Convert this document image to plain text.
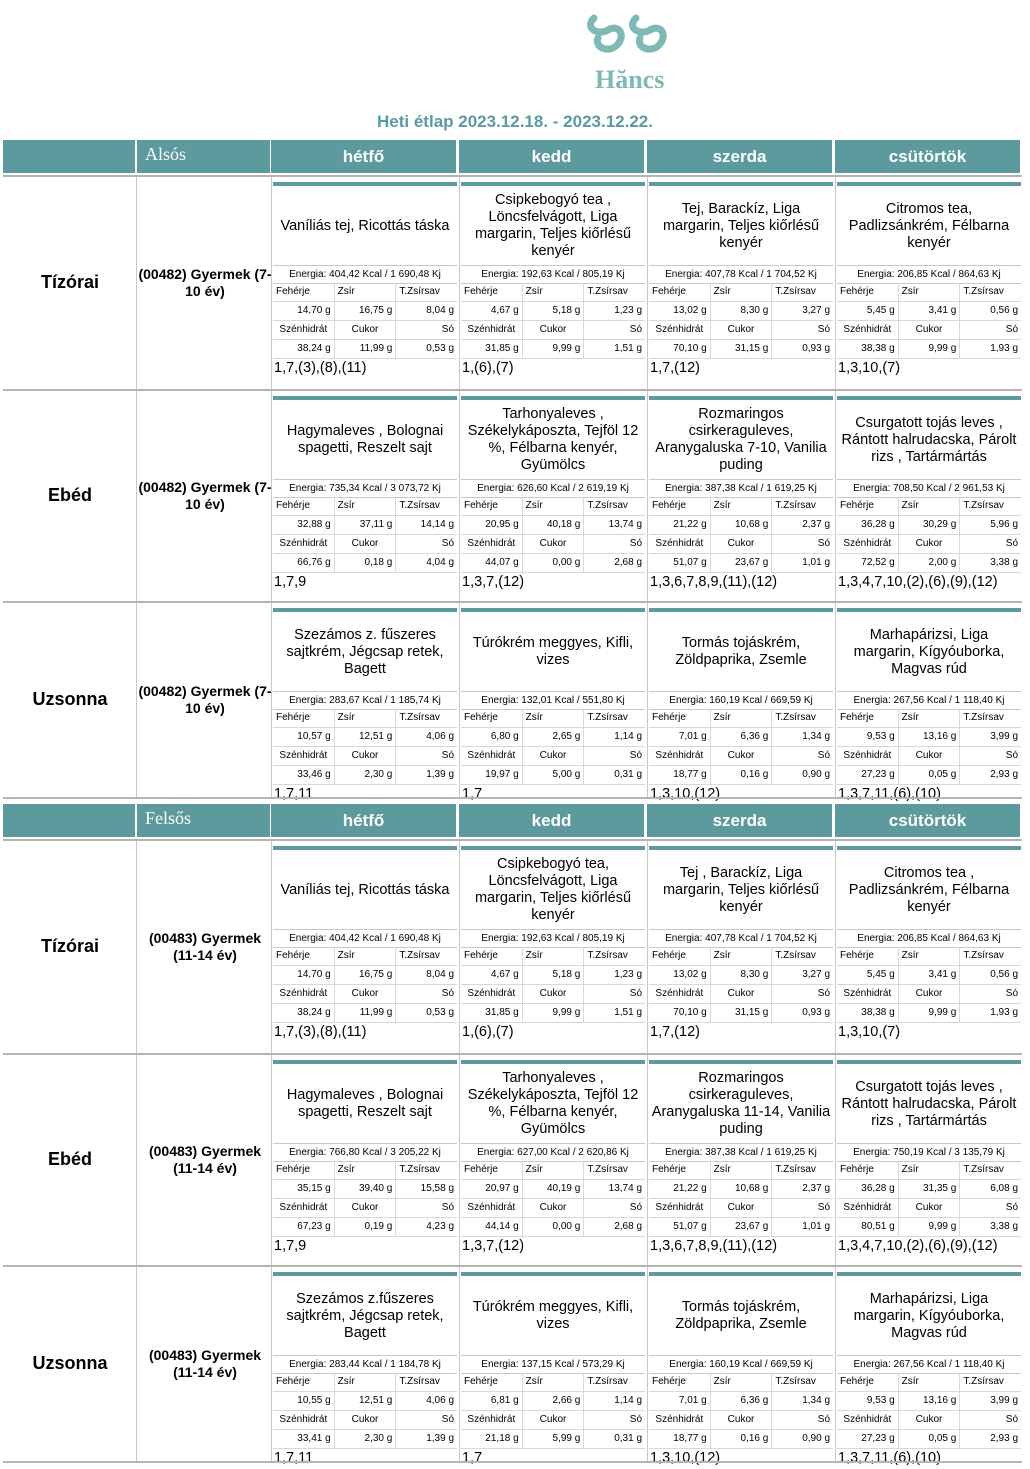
Hăncs
Heti étlap 2023.12.18. - 2023.12.22.
Alsós	hétfő	kedd	szerda	csütörtök
Tízórai	(00482) Gyermek (7-10 év)
Vaníliás tej, Ricottás táska
Energia: 404,42 Kcal / 1 690,48 Kj
Fehérje	Zsír	T.Zsírsav
14,70 g	16,75 g	8,04 g
Szénhidrát	Cukor	Só
38,24 g	11,99 g	0,53 g
1,7,(3),(8),(11)
Csipkebogyó tea , Löncsfelvágott, Liga margarin, Teljes kiőrlésű kenyér
Energia: 192,63 Kcal / 805,19 Kj
Fehérje	Zsír	T.Zsírsav
4,67 g	5,18 g	1,23 g
Szénhidrát	Cukor	Só
31,85 g	9,99 g	1,51 g
1,(6),(7)
Tej, Barackíz, Liga margarin, Teljes kiőrlésű kenyér
Energia: 407,78 Kcal / 1 704,52 Kj
Fehérje	Zsír	T.Zsírsav
13,02 g	8,30 g	3,27 g
Szénhidrát	Cukor	Só
70,10 g	31,15 g	0,93 g
1,7,(12)
Citromos tea, Padlizsánkrém, Félbarna kenyér
Energia: 206,85 Kcal / 864,63 Kj
Fehérje	Zsír	T.Zsírsav
5,45 g	3,41 g	0,56 g
Szénhidrát	Cukor	Só
38,38 g	9,99 g	1,93 g
1,3,10,(7)
Ebéd	(00482) Gyermek (7-10 év)
Hagymaleves , Bolognai spagetti, Reszelt sajt
Energia: 735,34 Kcal / 3 073,72 Kj
Fehérje	Zsír	T.Zsírsav
32,88 g	37,11 g	14,14 g
Szénhidrát	Cukor	Só
66,76 g	0,18 g	4,04 g
1,7,9
Tarhonyaleves , Székelykáposzta, Tejföl 12 %, Félbarna kenyér, Gyümölcs
Energia: 626,60 Kcal / 2 619,19 Kj
Fehérje	Zsír	T.Zsírsav
20,95 g	40,18 g	13,74 g
Szénhidrát	Cukor	Só
44,07 g	0,00 g	2,68 g
1,3,7,(12)
Rozmaringos csirkeraguleves, Aranygaluska 7-10, Vanilia puding
Energia: 387,38 Kcal / 1 619,25 Kj
Fehérje	Zsír	T.Zsírsav
21,22 g	10,68 g	2,37 g
Szénhidrát	Cukor	Só
51,07 g	23,67 g	1,01 g
1,3,6,7,8,9,(11),(12)
Csurgatott tojás leves , Rántott halrudacska, Párolt rizs , Tartármártás
Energia: 708,50 Kcal / 2 961,53 Kj
Fehérje	Zsír	T.Zsírsav
36,28 g	30,29 g	5,96 g
Szénhidrát	Cukor	Só
72,52 g	2,00 g	3,38 g
1,3,4,7,10,(2),(6),(9),(12)
Uzsonna	(00482) Gyermek (7-10 év)
Szezámos z. fűszeres sajtkrém, Jégcsap retek, Bagett
Energia: 283,67 Kcal / 1 185,74 Kj
Fehérje	Zsír	T.Zsírsav
10,57 g	12,51 g	4,06 g
Szénhidrát	Cukor	Só
33,46 g	2,30 g	1,39 g
1,7,11
Túrókrém meggyes, Kifli, vizes
Energia: 132,01 Kcal / 551,80 Kj
Fehérje	Zsír	T.Zsírsav
6,80 g	2,65 g	1,14 g
Szénhidrát	Cukor	Só
19,97 g	5,00 g	0,31 g
1,7
Tormás tojáskrém, Zöldpaprika, Zsemle
Energia: 160,19 Kcal / 669,59 Kj
Fehérje	Zsír	T.Zsírsav
7,01 g	6,36 g	1,34 g
Szénhidrát	Cukor	Só
18,77 g	0,16 g	0,90 g
1,3,10,(12)
Marhapárizsi, Liga margarin, Kígyóuborka, Magvas rúd
Energia: 267,56 Kcal / 1 118,40 Kj
Fehérje	Zsír	T.Zsírsav
9,53 g	13,16 g	3,99 g
Szénhidrát	Cukor	Só
27,23 g	0,05 g	2,93 g
1,3,7,11,(6),(10)
Felsős	hétfő	kedd	szerda	csütörtök
Tízórai	(00483) Gyermek (11-14 év)
Vaníliás tej, Ricottás táska
Energia: 404,42 Kcal / 1 690,48 Kj
Fehérje	Zsír	T.Zsírsav
14,70 g	16,75 g	8,04 g
Szénhidrát	Cukor	Só
38,24 g	11,99 g	0,53 g
1,7,(3),(8),(11)
Csipkebogyó tea, Löncsfelvágott, Liga margarin, Teljes kiőrlésű kenyér
Energia: 192,63 Kcal / 805,19 Kj
Fehérje	Zsír	T.Zsírsav
4,67 g	5,18 g	1,23 g
Szénhidrát	Cukor	Só
31,85 g	9,99 g	1,51 g
1,(6),(7)
Tej , Barackíz, Liga margarin, Teljes kiőrlésű kenyér
Energia: 407,78 Kcal / 1 704,52 Kj
Fehérje	Zsír	T.Zsírsav
13,02 g	8,30 g	3,27 g
Szénhidrát	Cukor	Só
70,10 g	31,15 g	0,93 g
1,7,(12)
Citromos tea , Padlizsánkrém, Félbarna kenyér
Energia: 206,85 Kcal / 864,63 Kj
Fehérje	Zsír	T.Zsírsav
5,45 g	3,41 g	0,56 g
Szénhidrát	Cukor	Só
38,38 g	9,99 g	1,93 g
1,3,10,(7)
Ebéd	(00483) Gyermek (11-14 év)
Hagymaleves , Bolognai spagetti, Reszelt sajt
Energia: 766,80 Kcal / 3 205,22 Kj
Fehérje	Zsír	T.Zsírsav
35,15 g	39,40 g	15,58 g
Szénhidrát	Cukor	Só
67,23 g	0,19 g	4,23 g
1,7,9
Tarhonyaleves , Székelykáposzta, Tejföl 12 %, Félbarna kenyér, Gyümölcs
Energia: 627,00 Kcal / 2 620,86 Kj
Fehérje	Zsír	T.Zsírsav
20,97 g	40,19 g	13,74 g
Szénhidrát	Cukor	Só
44,14 g	0,00 g	2,68 g
1,3,7,(12)
Rozmaringos csirkeraguleves, Aranygaluska 11-14, Vanilia puding
Energia: 387,38 Kcal / 1 619,25 Kj
Fehérje	Zsír	T.Zsírsav
21,22 g	10,68 g	2,37 g
Szénhidrát	Cukor	Só
51,07 g	23,67 g	1,01 g
1,3,6,7,8,9,(11),(12)
Csurgatott tojás leves , Rántott halrudacska, Párolt rizs , Tartármártás
Energia: 750,19 Kcal / 3 135,79 Kj
Fehérje	Zsír	T.Zsírsav
36,28 g	31,35 g	6,08 g
Szénhidrát	Cukor	Só
80,51 g	9,99 g	3,38 g
1,3,4,7,10,(2),(6),(9),(12)
Uzsonna	(00483) Gyermek (11-14 év)
Szezámos z.fűszeres sajtkrém, Jégcsap retek, Bagett
Energia: 283,44 Kcal / 1 184,78 Kj
Fehérje	Zsír	T.Zsírsav
10,55 g	12,51 g	4,06 g
Szénhidrát	Cukor	Só
33,41 g	2,30 g	1,39 g
1,7,11
Túrókrém meggyes, Kifli, vizes
Energia: 137,15 Kcal / 573,29 Kj
Fehérje	Zsír	T.Zsírsav
6,81 g	2,66 g	1,14 g
Szénhidrát	Cukor	Só
21,18 g	5,99 g	0,31 g
1,7
Tormás tojáskrém, Zöldpaprika, Zsemle
Energia: 160,19 Kcal / 669,59 Kj
Fehérje	Zsír	T.Zsírsav
7,01 g	6,36 g	1,34 g
Szénhidrát	Cukor	Só
18,77 g	0,16 g	0,90 g
1,3,10,(12)
Marhapárizsi, Liga margarin, Kígyóuborka, Magvas rúd
Energia: 267,56 Kcal / 1 118,40 Kj
Fehérje	Zsír	T.Zsírsav
9,53 g	13,16 g	3,99 g
Szénhidrát	Cukor	Só
27,23 g	0,05 g	2,93 g
1,3,7,11,(6),(10)
